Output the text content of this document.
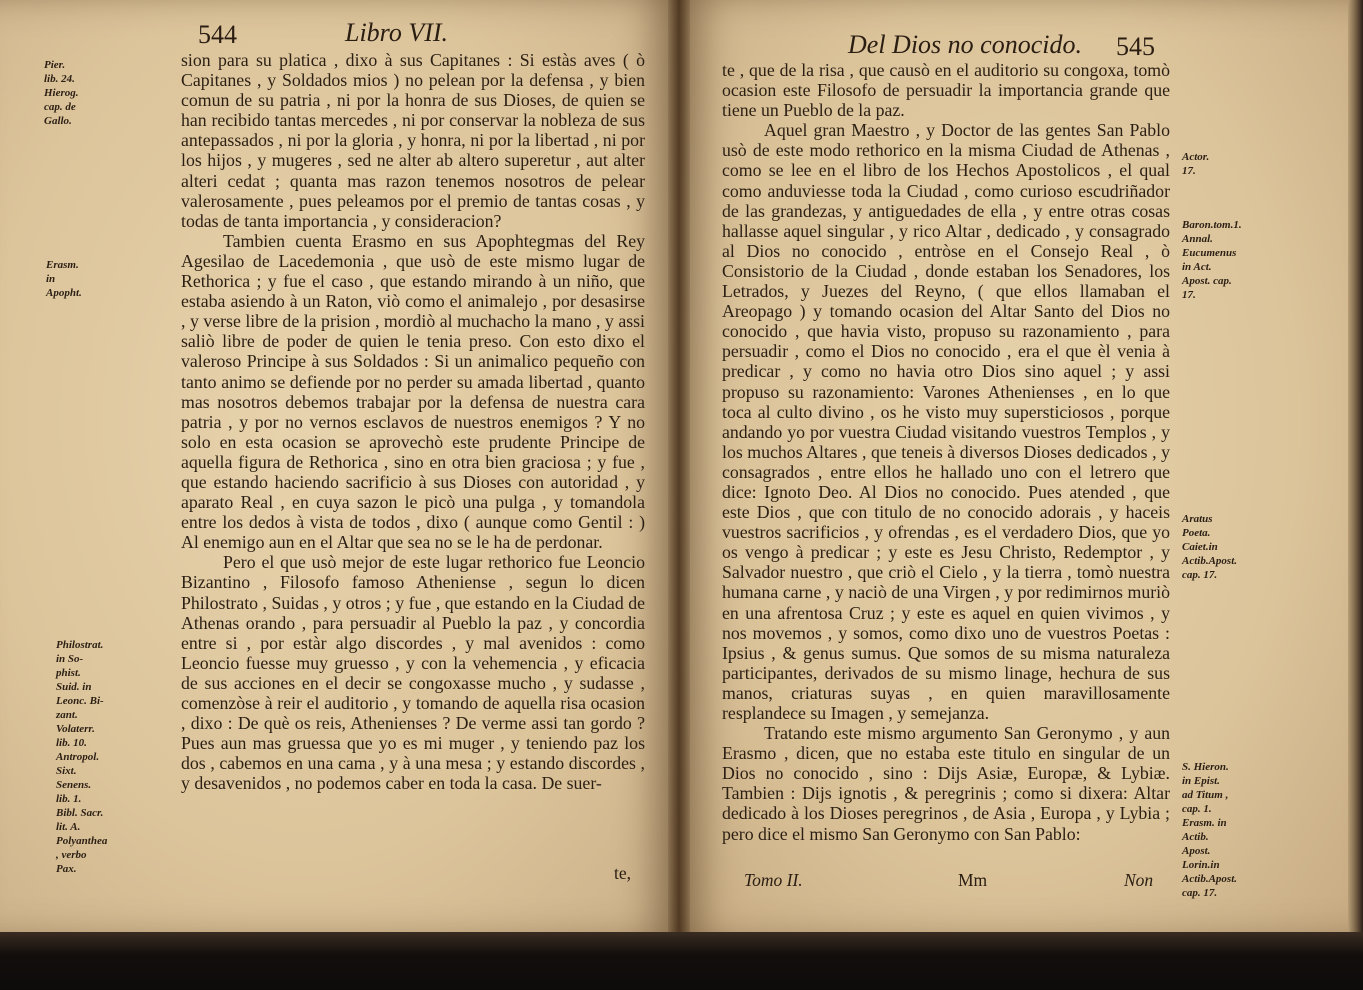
544	Libro VII.
Pier. lib. 24. Hierog.
cap. de Gallo.
Erasm. in Apopht.
Philostrat. in So-
phist.
Suid. in Leonc. Bi-
zant.
Volaterr. lib. 10.
Antropol.
Sixt. Senens. lib. 1.
Bibl. Sacr. lit. A.
Polyanthea , verbo
Pax.

sion para su platica , dixo à sus Capitanes : Si estàs aves ( ò Capitanes , y Soldados mios ) no pelean por la defensa , y bien comun de su patria , ni por la honra de sus Dioses, de quien se han recibido tantas mercedes , ni por conservar la nobleza de sus antepassados , ni por la gloria , y honra, ni por la libertad , ni por los hijos , y mugeres , sed ne alter ab altero superetur , aut alter alteri cedat ; quanta mas razon tenemos nosotros de pelear valerosamente , pues peleamos por el premio de tantas cosas , y todas de tanta importancia , y consideracion?

Tambien cuenta Erasmo en sus Apophtegmas del Rey Agesilao de Lacedemonia , que usò de este mismo lugar de Rethorica ; y fue el caso , que estando mirando à un niño, que estaba asiendo à un Raton, viò como el animalejo , por desasirse , y verse libre de la prision , mordiò al muchacho la mano , y assi saliò libre de poder de quien le tenia preso. Con esto dixo el valeroso Principe à sus Soldados : Si un animalico pequeño con tanto animo se defiende por no perder su amada libertad , quanto mas nosotros debemos trabajar por la defensa de nuestra cara patria , y por no vernos esclavos de nuestros enemigos ? Y no solo en esta ocasion se aprovechò este prudente Principe de aquella figura de Rethorica , sino en otra bien graciosa ; y fue , que estando haciendo sacrificio à sus Dioses con autoridad , y aparato Real , en cuya sazon le picò una pulga , y tomandola entre los dedos à vista de todos , dixo ( aunque como Gentil : ) Al enemigo aun en el Altar que sea no se le ha de perdonar.

Pero el que usò mejor de este lugar rethorico fue Leoncio Bizantino , Filosofo famoso Atheniense , segun lo dicen Philostrato , Suidas , y otros ; y fue , que estando en la Ciudad de Athenas orando , para persuadir al Pueblo la paz , y concordia entre si , por estàr algo discordes , y mal avenidos : como Leoncio fuesse muy gruesso , y con la vehemencia , y eficacia de sus acciones en el decir se congoxasse mucho , y sudasse , comenzòse à reir el auditorio , y tomando de aquella risa ocasion , dixo : De què os reis, Athenienses ? De verme assi tan gordo ? Pues aun mas gruessa que yo es mi muger , y teniendo paz los dos , cabemos en una cama , y à una mesa ; y estando discordes , y desavenidos , no podemos caber en toda la casa. De suer-

te,
Del Dios no conocido. 545

te , que de la risa , que causò en el auditorio su congoxa, tomò ocasion este Filosofo de persuadir la importancia grande que tiene un Pueblo de la paz.

Aquel gran Maestro , y Doctor de las gentes San Pablo usò de este modo rethorico en la misma Ciudad de Athenas , como se lee en el libro de los Hechos Apostolicos , el qual como anduviesse toda la Ciudad , como curioso escudriñador de las grandezas, y antiguedades de ella , y entre otras cosas hallasse aquel singular , y rico Altar , dedicado , y consagrado al Dios no conocido , entròse en el Consejo Real , ò Consistorio de la Ciudad , donde estaban los Senadores, los Letrados, y Juezes del Reyno, ( que ellos llamaban el Areopago ) y tomando ocasion del Altar Santo del Dios no conocido , que havia visto, propuso su razonamiento , para persuadir , como el Dios no conocido , era el que èl venia à predicar , y como no havia otro Dios sino aquel ; y assi propuso su razonamiento: Varones Athenienses , en lo que toca al culto divino , os he visto muy supersticiosos , porque andando yo por vuestra Ciudad visitando vuestros Templos , y los muchos Altares , que teneis à diversos Dioses dedicados , y consagrados , entre ellos he hallado uno con el letrero que dice: Ignoto Deo. Al Dios no conocido. Pues atended , que este Dios , que con titulo de no conocido adorais , y haceis vuestros sacrificios , y ofrendas , es el verdadero Dios, que yo os vengo à predicar ; y este es Jesu Christo, Redemptor , y Salvador nuestro , que criò el Cielo , y la tierra , tomò nuestra humana carne , y naciò de una Virgen , y por redimirnos muriò en una afrentosa Cruz ; y este es aquel en quien vivimos , y nos movemos , y somos, como dixo uno de vuestros Poetas : Ipsius , & genus sumus. Que somos de su misma naturaleza participantes, derivados de su mismo linage, hechura de sus manos, criaturas suyas , en quien maravillosamente resplandece su Imagen , y semejanza.

Tratando este mismo argumento San Geronymo , y aun Erasmo , dicen, que no estaba este titulo en singular de un Dios no conocido , sino : Dijs Asiæ, Europæ, & Lybiæ. Tambien : Dijs ignotis , & peregrinis ; como si dixera: Altar dedicado à los Dioses peregrinos , de Asia , Europa , y Lybia ; pero dice el mismo San Geronymo con San Pablo:

Actor. 17.
Baron.tom.1. Annal.
Eucumenus in Act.
Apost. cap. 17.
Aratus Poeta.
Caiet.in Actib.Apost.
cap. 17.
S. Hieron. in Epist.
ad Titum , cap. 1.
Erasm. in Actib.
Apost.
Lorin.in Actib.Apost.
cap. 17.
Tomo II.	Mm	Non
